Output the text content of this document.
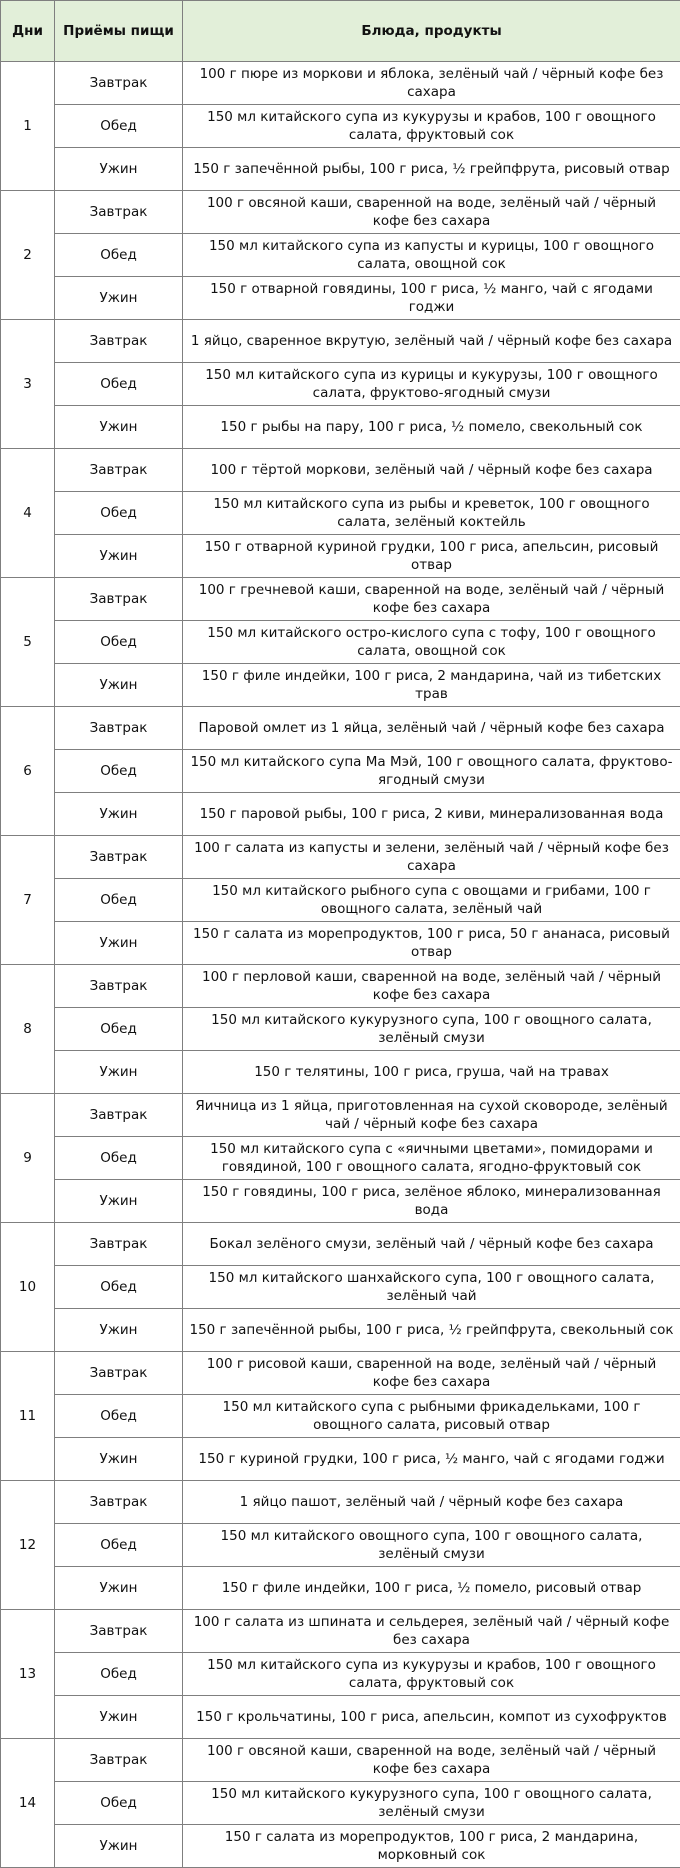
Дни	Приёмы пищи	Блюда, продукты
1	Завтрак	100 г пюре из моркови и яблока, зелёный чай / чёрный кофе без сахара
	Обед	150 мл китайского супа из кукурузы и крабов, 100 г овощного салата, фруктовый сок
	Ужин	150 г запечённой рыбы, 100 г риса, ½ грейпфрута, рисовый отвар
2	Завтрак	100 г овсяной каши, сваренной на воде, зелёный чай / чёрный кофе без сахара
	Обед	150 мл китайского супа из капусты и курицы, 100 г овощного салата, овощной сок
	Ужин	150 г отварной говядины, 100 г риса, ½ манго, чай с ягодами годжи
3	Завтрак	1 яйцо, сваренное вкрутую, зелёный чай / чёрный кофе без сахара
	Обед	150 мл китайского супа из курицы и кукурузы, 100 г овощного салата, фруктово-ягодный смузи
	Ужин	150 г рыбы на пару, 100 г риса, ½ помело, свекольный сок
4	Завтрак	100 г тёртой моркови, зелёный чай / чёрный кофе без сахара
	Обед	150 мл китайского супа из рыбы и креветок, 100 г овощного салата, зелёный коктейль
	Ужин	150 г отварной куриной грудки, 100 г риса, апельсин, рисовый отвар
5	Завтрак	100 г гречневой каши, сваренной на воде, зелёный чай / чёрный кофе без сахара
	Обед	150 мл китайского остро-кислого супа с тофу, 100 г овощного салата, овощной сок
	Ужин	150 г филе индейки, 100 г риса, 2 мандарина, чай из тибетских трав
6	Завтрак	Паровой омлет из 1 яйца, зелёный чай / чёрный кофе без сахара
	Обед	150 мл китайского супа Ма Мэй, 100 г овощного салата, фруктово-ягодный смузи
	Ужин	150 г паровой рыбы, 100 г риса, 2 киви, минерализованная вода
7	Завтрак	100 г салата из капусты и зелени, зелёный чай / чёрный кофе без сахара
	Обед	150 мл китайского рыбного супа с овощами и грибами, 100 г овощного салата, зелёный чай
	Ужин	150 г салата из морепродуктов, 100 г риса, 50 г ананаса, рисовый отвар
8	Завтрак	100 г перловой каши, сваренной на воде, зелёный чай / чёрный кофе без сахара
	Обед	150 мл китайского кукурузного супа, 100 г овощного салата, зелёный смузи
	Ужин	150 г телятины, 100 г риса, груша, чай на травах
9	Завтрак	Яичница из 1 яйца, приготовленная на сухой сковороде, зелёный чай / чёрный кофе без сахара
	Обед	150 мл китайского супа с «яичными цветами», помидорами и говядиной, 100 г овощного салата, ягодно-фруктовый сок
	Ужин	150 г говядины, 100 г риса, зелёное яблоко, минерализованная вода
10	Завтрак	Бокал зелёного смузи, зелёный чай / чёрный кофе без сахара
	Обед	150 мл китайского шанхайского супа, 100 г овощного салата, зелёный чай
	Ужин	150 г запечённой рыбы, 100 г риса, ½ грейпфрута, свекольный сок
11	Завтрак	100 г рисовой каши, сваренной на воде, зелёный чай / чёрный кофе без сахара
	Обед	150 мл китайского супа с рыбными фрикадельками, 100 г овощного салата, рисовый отвар
	Ужин	150 г куриной грудки, 100 г риса, ½ манго, чай с ягодами годжи
12	Завтрак	1 яйцо пашот, зелёный чай / чёрный кофе без сахара
	Обед	150 мл китайского овощного супа, 100 г овощного салата, зелёный смузи
	Ужин	150 г филе индейки, 100 г риса, ½ помело, рисовый отвар
13	Завтрак	100 г салата из шпината и сельдерея, зелёный чай / чёрный кофе без сахара
	Обед	150 мл китайского супа из кукурузы и крабов, 100 г овощного салата, фруктовый сок
	Ужин	150 г крольчатины, 100 г риса, апельсин, компот из сухофруктов
14	Завтрак	100 г овсяной каши, сваренной на воде, зелёный чай / чёрный кофе без сахара
	Обед	150 мл китайского кукурузного супа, 100 г овощного салата, зелёный смузи
	Ужин	150 г салата из морепродуктов, 100 г риса, 2 мандарина, морковный сок
